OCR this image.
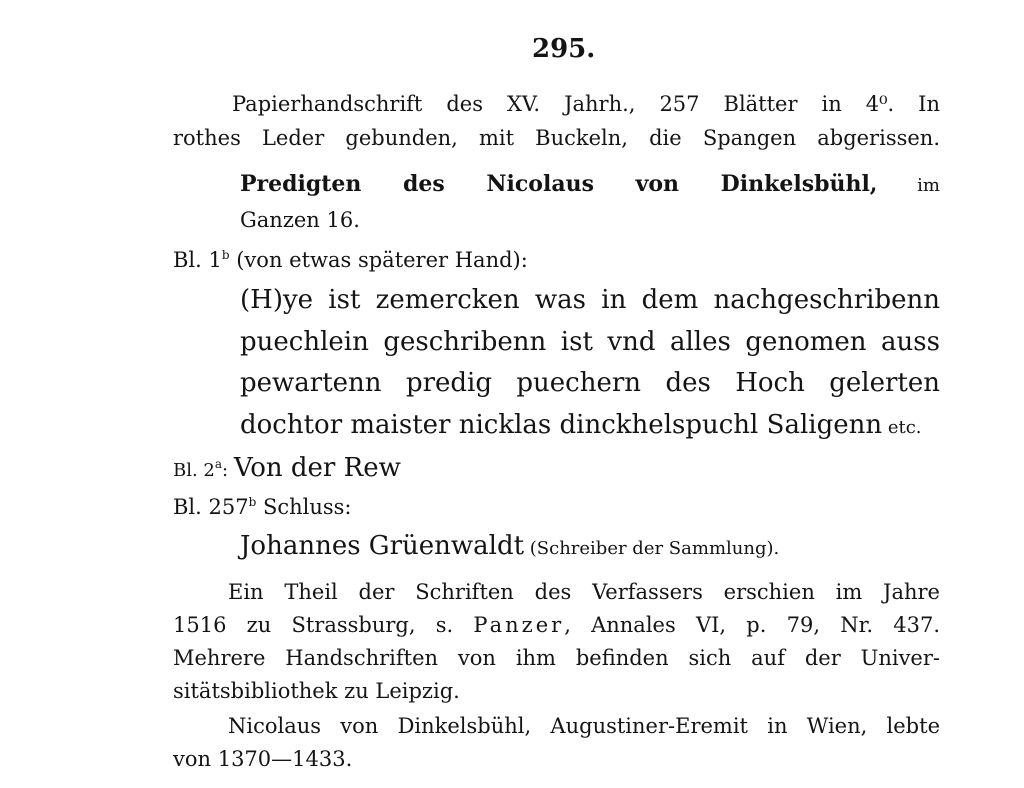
295.
Papierhandschrift des XV. Jahrh., 257 Blätter in 4⁰. In
rothes Leder gebunden, mit Buckeln, die Spangen abgerissen.
Predigten des Nicolaus von Dinkelsbühl, im
Ganzen 16.
Bl. 1$^b$ (von etwas späterer Hand):
(H)ye ist zemercken was in dem nachgeschribenn
puechlein geschribenn ist vnd alles genomen auss
pewartenn predig puechern des Hoch gelerten
dochtor maister nicklas dinckhelspuchl Saligenn etc.
Bl. 2$^a$: Von der Rew
Bl. 257$^b$ Schluss:
Johannes Grüenwaldt (Schreiber der Sammlung).
Ein Theil der Schriften des Verfassers erschien im Jahre
1516 zu Strassburg, s. Panzer, Annales VI, p. 79, Nr. 437.
Mehrere Handschriften von ihm befinden sich auf der Univer-
sitätsbibliothek zu Leipzig.
Nicolaus von Dinkelsbühl, Augustiner-Eremit in Wien, lebte
von 1370—1433.
